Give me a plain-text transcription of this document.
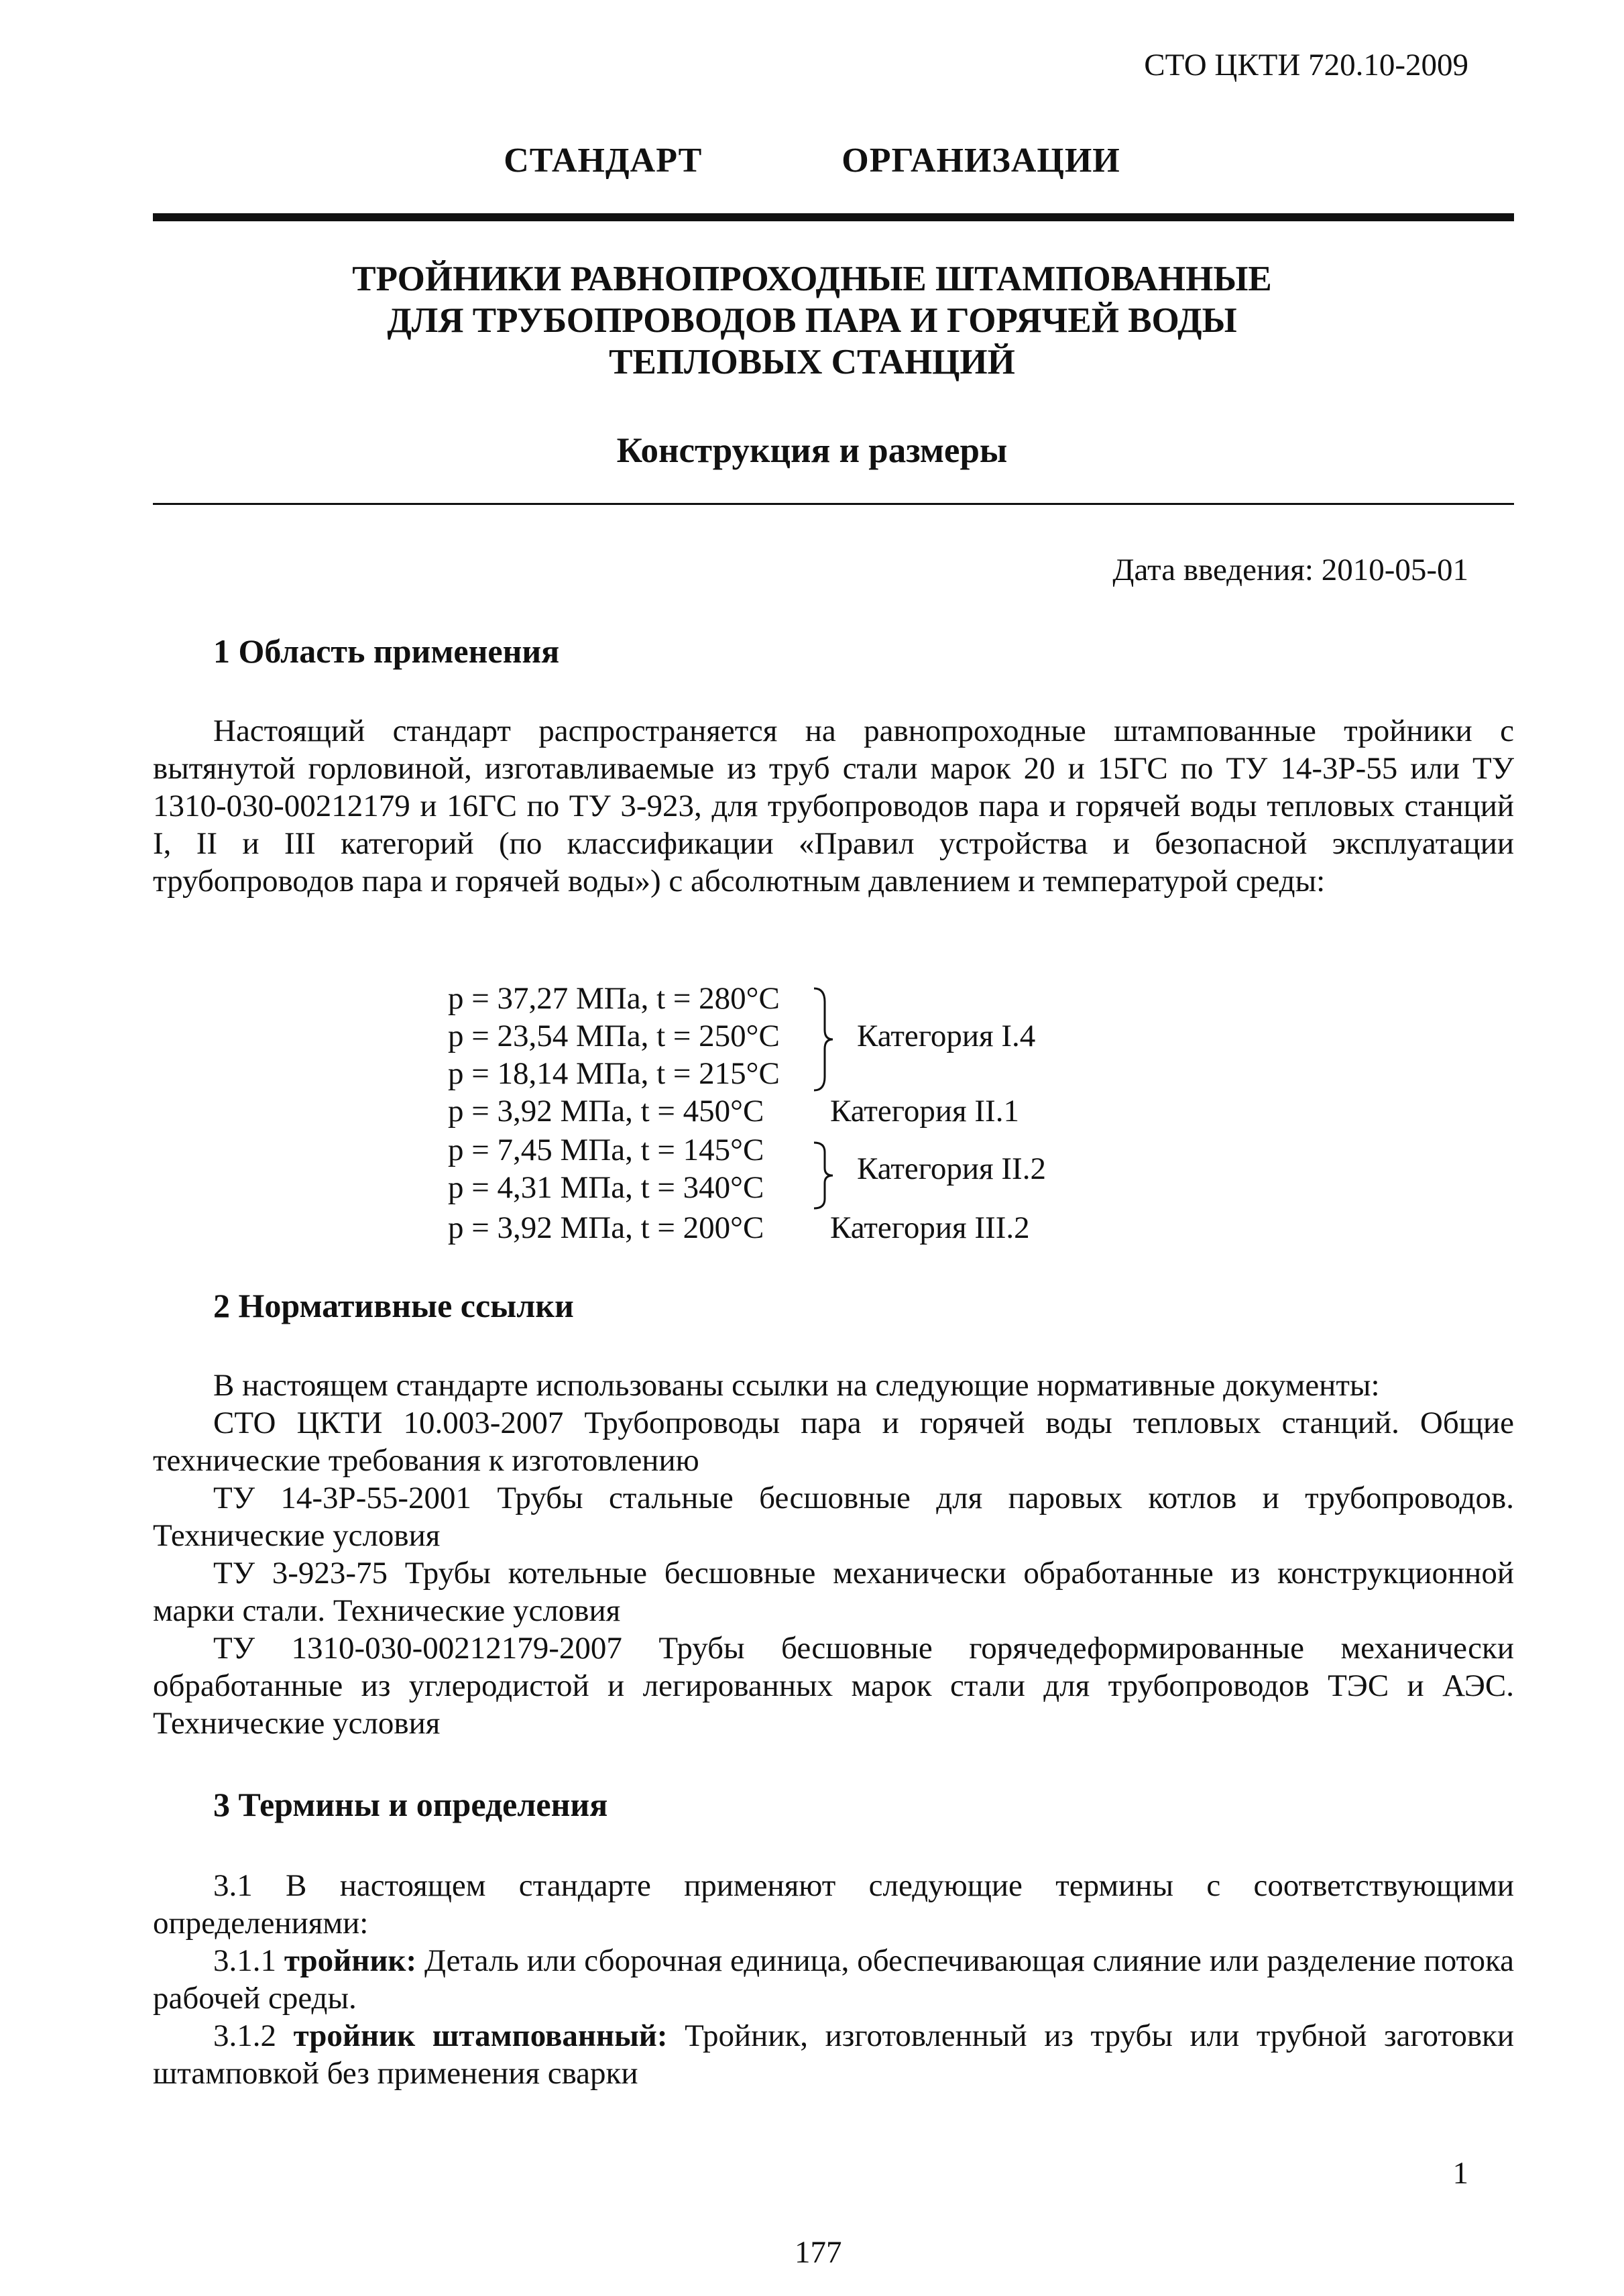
СТО ЦКТИ 720.10-2009
СТАНДАРТ    ОРГАНИЗАЦИИ
ТРОЙНИКИ РАВНОПРОХОДНЫЕ ШТАМПОВАННЫЕ
ДЛЯ ТРУБОПРОВОДОВ ПАРА И ГОРЯЧЕЙ ВОДЫ
ТЕПЛОВЫХ СТАНЦИЙ
Конструкция и размеры
Дата введения: 2010-05-01
1 Область применения

Настоящий стандарт распространяется на равнопроходные штампованные тройники с вытянутой горловиной, изготавливаемые из труб стали марок 20 и 15ГС по ТУ 14-3Р-55 или ТУ 1310-030-00212179 и 16ГС по ТУ 3-923, для трубопроводов пара и горячей воды тепловых станций I, II и III категорий (по классификации «Правил устройства и безопасной эксплуатации трубопроводов пара и горячей воды») с абсолютным давлением и температурой среды:

p = 37,27 МПа, t = 280°C
p = 23,54 МПа, t = 250°C
p = 18,14 МПа, t = 215°C
p = 3,92 МПа, t = 450°C
p = 7,45 МПа, t = 145°C
p = 4,31 МПа, t = 340°C
p = 3,92 МПа, t = 200°C
Категория I.4
Категория II.1
Категория II.2
Категория III.2
2 Нормативные ссылки

В настоящем стандарте использованы ссылки на следующие нормативные документы:

СТО ЦКТИ 10.003-2007 Трубопроводы пара и горячей воды тепловых станций. Общие технические требования к изготовлению

ТУ 14-3Р-55-2001 Трубы стальные бесшовные для паровых котлов и трубопроводов. Технические условия

ТУ 3-923-75 Трубы котельные бесшовные механически обработанные из конструкционной марки стали. Технические условия

ТУ 1310-030-00212179-2007 Трубы бесшовные горячедеформированные механически обработанные из углеродистой и легированных марок стали для трубопроводов ТЭС и АЭС. Технические условия

3 Термины и определения

3.1 В настоящем стандарте применяют следующие термины с соответствующими определениями:

3.1.1 тройник: Деталь или сборочная единица, обеспечивающая слияние или разделение потока рабочей среды.

3.1.2 тройник штампованный: Тройник, изготовленный из трубы или трубной заготовки штамповкой без применения сварки

1
177
